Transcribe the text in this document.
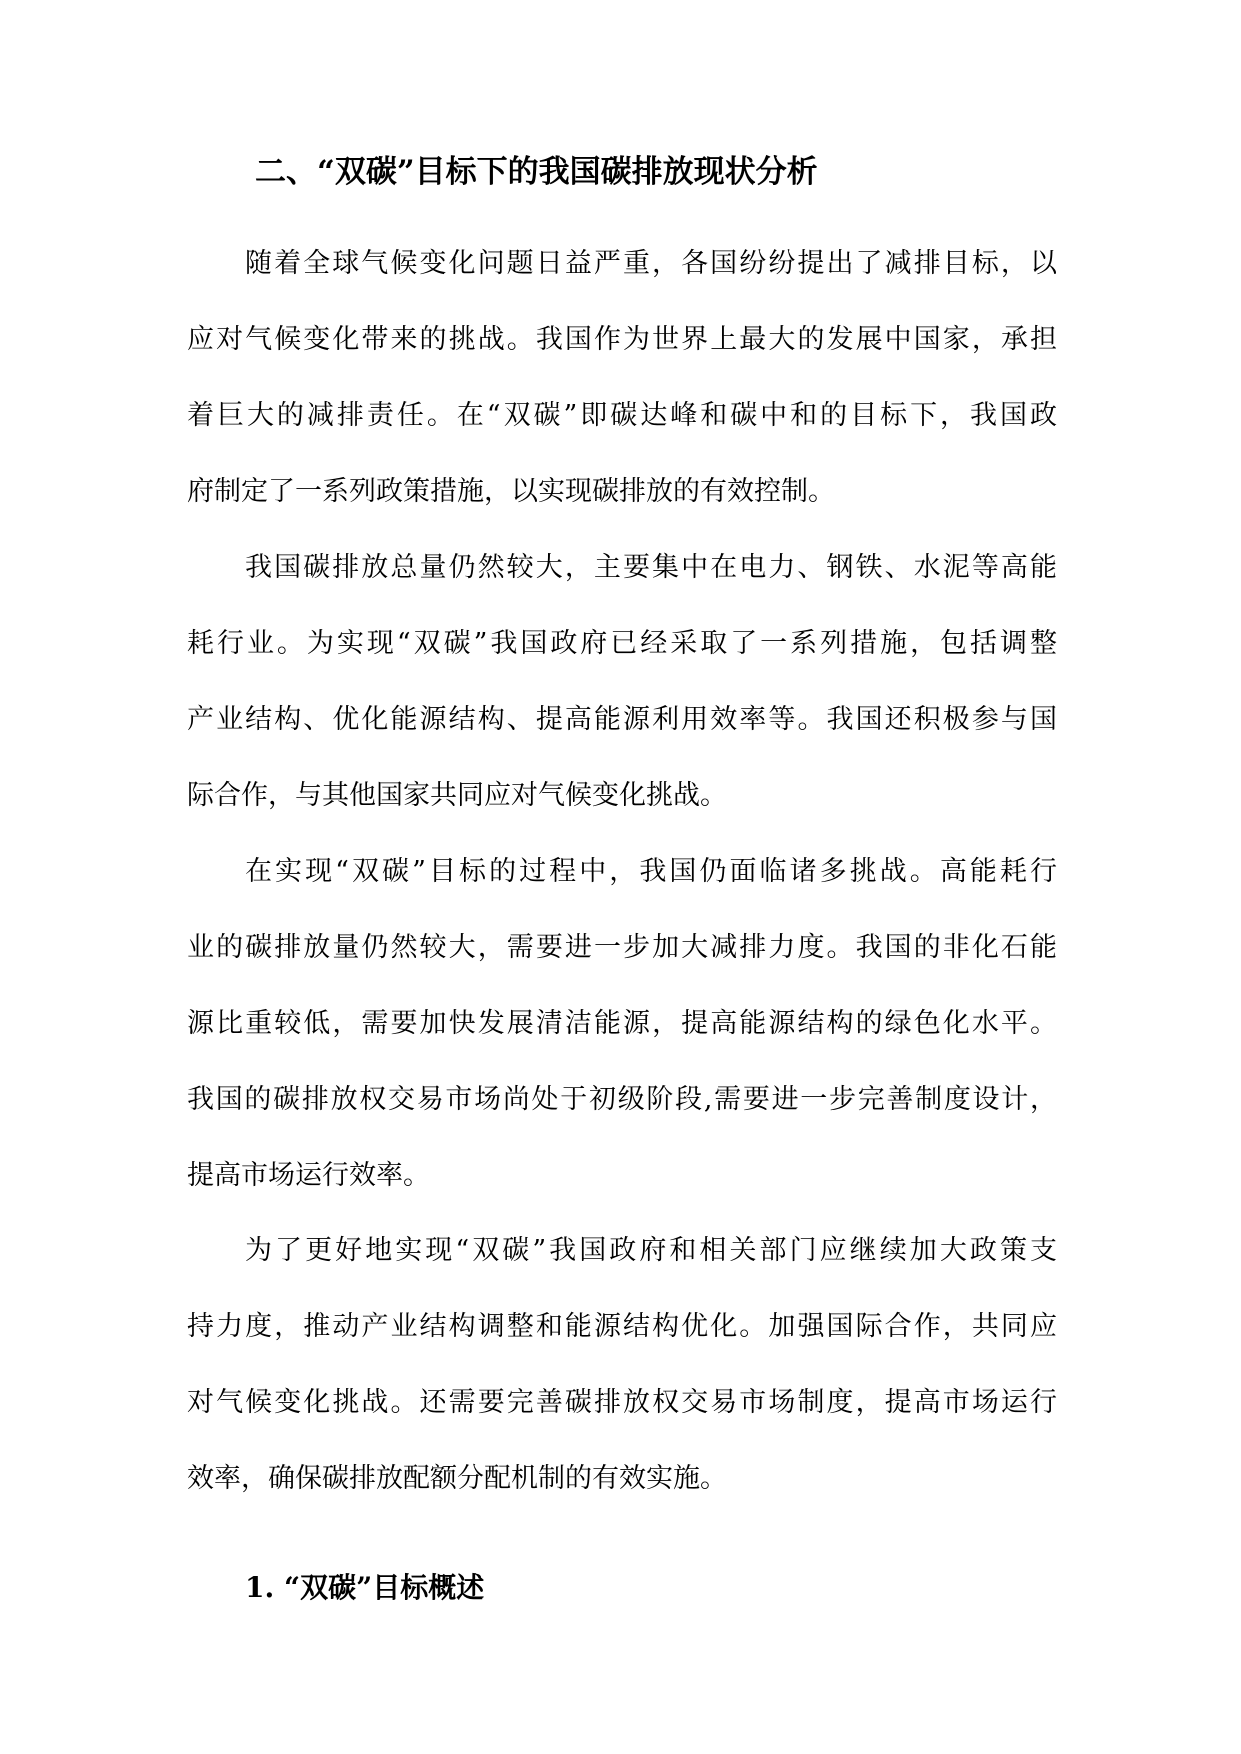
二、“双碳”目标下的我国碳排放现状分析
随着全球气候变化问题日益严重，各国纷纷提出了减排目标，以
应对气候变化带来的挑战。我国作为世界上最大的发展中国家，承担
着巨大的减排责任。在“双碳”即碳达峰和碳中和的目标下，我国政
府制定了一系列政策措施，以实现碳排放的有效控制。
我国碳排放总量仍然较大，主要集中在电力、钢铁、水泥等高能
耗行业。为实现“双碳”我国政府已经采取了一系列措施，包括调整
产业结构、优化能源结构、提高能源利用效率等。我国还积极参与国
际合作，与其他国家共同应对气候变化挑战。
在实现“双碳”目标的过程中，我国仍面临诸多挑战。高能耗行
业的碳排放量仍然较大，需要进一步加大减排力度。我国的非化石能
源比重较低，需要加快发展清洁能源，提高能源结构的绿色化水平。
我国的碳排放权交易市场尚处于初级阶段,需要进一步完善制度设计，
提高市场运行效率。
为了更好地实现“双碳”我国政府和相关部门应继续加大政策支
持力度，推动产业结构调整和能源结构优化。加强国际合作，共同应
对气候变化挑战。还需要完善碳排放权交易市场制度，提高市场运行
效率，确保碳排放配额分配机制的有效实施。
1. “双碳”目标概述
